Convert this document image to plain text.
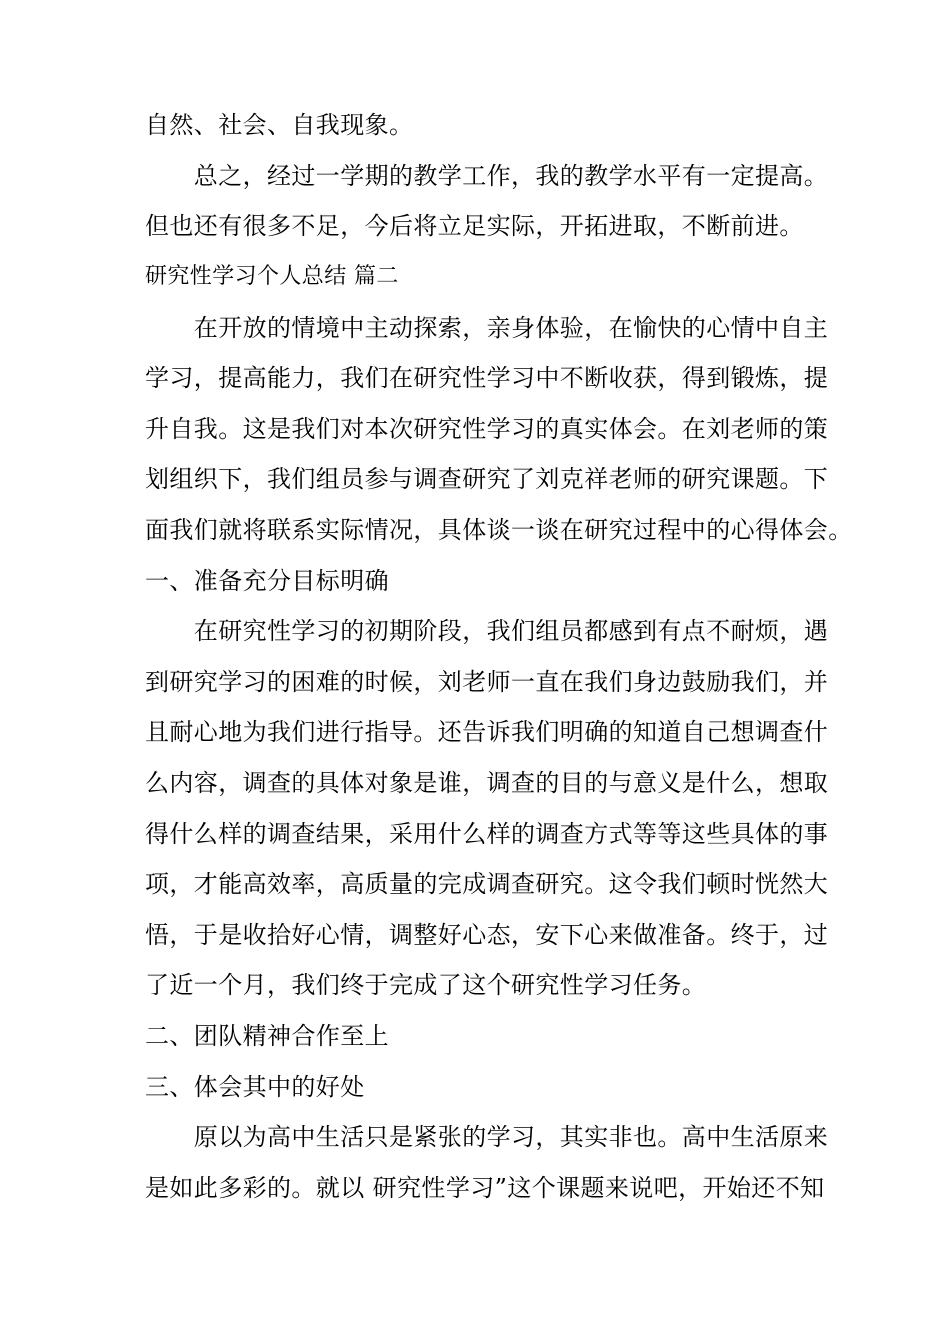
自然、社会、自我现象。
　　总之，经过一学期的教学工作，我的教学水平有一定提高。
但也还有很多不足，今后将立足实际，开拓进取，不断前进。
研究性学习个人总结 篇二
　　在开放的情境中主动探索，亲身体验，在愉快的心情中自主
学习，提高能力，我们在研究性学习中不断收获，得到锻炼，提
升自我。这是我们对本次研究性学习的真实体会。在刘老师的策
划组织下，我们组员参与调查研究了刘克祥老师的研究课题。下
面我们就将联系实际情况，具体谈一谈在研究过程中的心得体会。
一、准备充分目标明确
　　在研究性学习的初期阶段，我们组员都感到有点不耐烦，遇
到研究学习的困难的时候，刘老师一直在我们身边鼓励我们，并
且耐心地为我们进行指导。还告诉我们明确的知道自己想调查什
么内容，调查的具体对象是谁，调查的目的与意义是什么，想取
得什么样的调查结果，采用什么样的调查方式等等这些具体的事
项，才能高效率，高质量的完成调查研究。这令我们顿时恍然大
悟，于是收拾好心情，调整好心态，安下心来做准备。终于，过
了近一个月，我们终于完成了这个研究性学习任务。
二、团队精神合作至上
三、体会其中的好处
　　原以为高中生活只是紧张的学习，其实非也。高中生活原来
是如此多彩的。就以 研究性学习”这个课题来说吧，开始还不知
